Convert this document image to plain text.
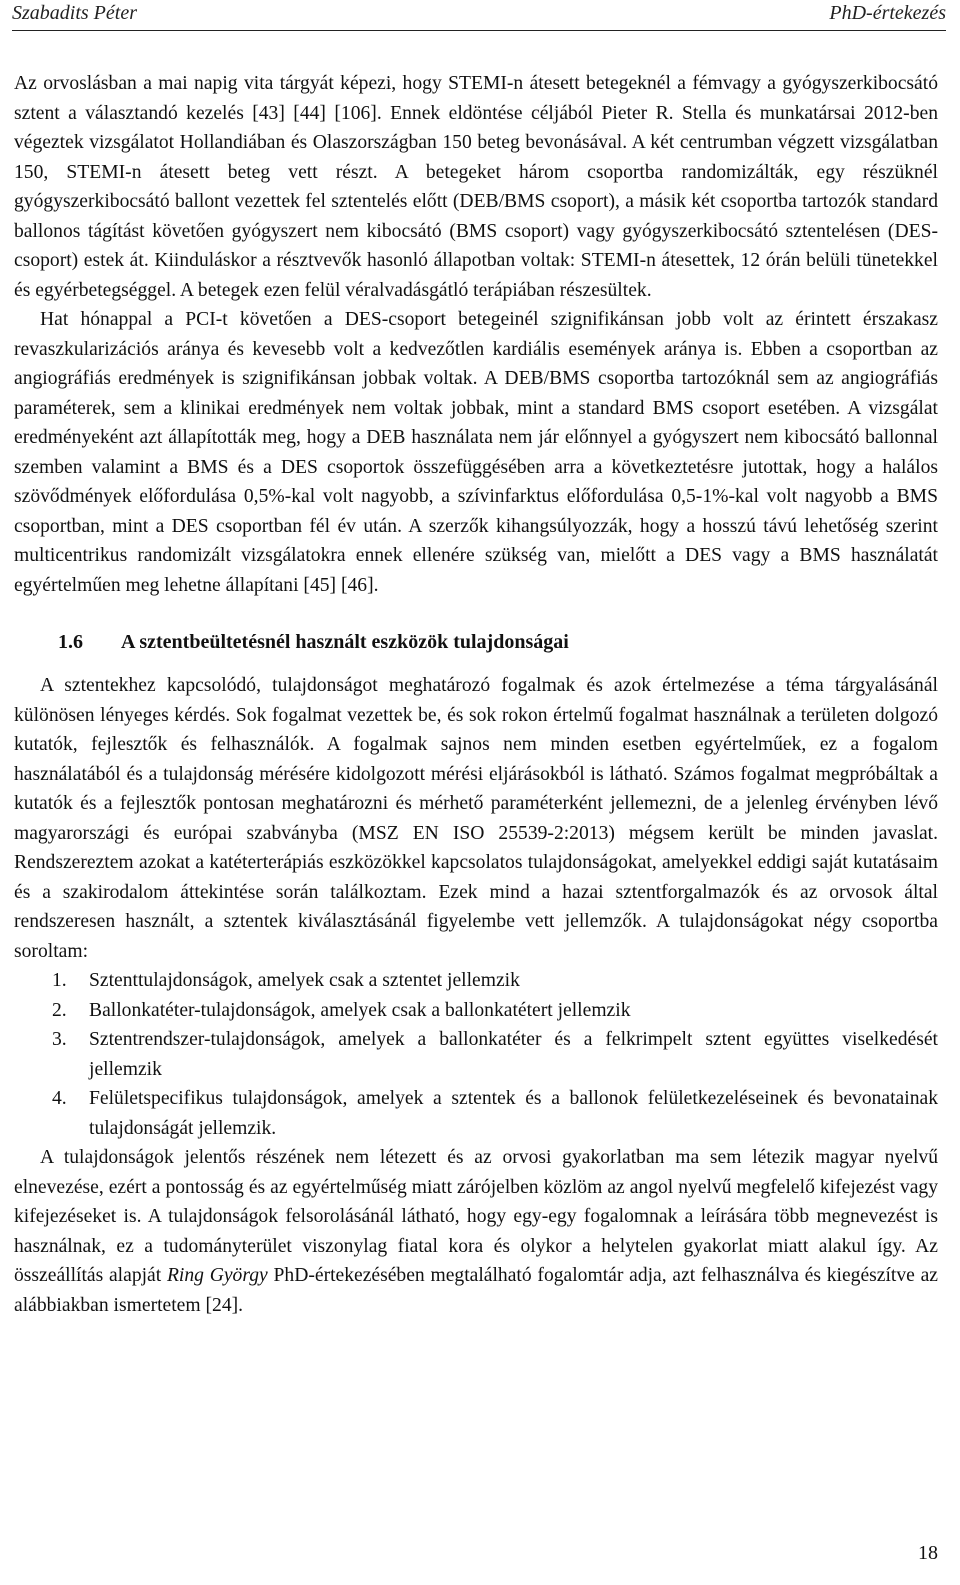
Szabadits Péter	PhD-értekezés

Az orvoslásban a mai napig vita tárgyát képezi, hogy STEMI-n átesett betegeknél a fémvagy a gyógyszerkibocsátó sztent a választandó kezelés [43] [44] [106]. Ennek eldöntése céljából Pieter R. Stella és munkatársai 2012-ben végeztek vizsgálatot Hollandiában és Olaszországban 150 beteg bevonásával. A két centrumban végzett vizsgálatban 150, STEMI-n átesett beteg vett részt. A betegeket három csoportba randomizálták, egy részüknél gyógyszerkibocsátó ballont vezettek fel sztentelés előtt (DEB/BMS csoport), a másik két csoportba tartozók standard ballonos tágítást követően gyógyszert nem kibocsátó (BMS csoport) vagy gyógyszerkibocsátó sztentelésen (DES-csoport) estek át. Kiinduláskor a résztvevők hasonló állapotban voltak: STEMI-n átesettek, 12 órán belüli tünetekkel és egyérbetegséggel. A betegek ezen felül véralvadásgátló terápiában részesültek.

Hat hónappal a PCI-t követően a DES-csoport betegeinél szignifikánsan jobb volt az érintett érszakasz revaszkularizációs aránya és kevesebb volt a kedvezőtlen kardiális események aránya is. Ebben a csoportban az angiográfiás eredmények is szignifikánsan jobbak voltak. A DEB/BMS csoportba tartozóknál sem az angiográfiás paraméterek, sem a klinikai eredmények nem voltak jobbak, mint a standard BMS csoport esetében. A vizsgálat eredményeként azt állapították meg, hogy a DEB használata nem jár előnnyel a gyógyszert nem kibocsátó ballonnal szemben valamint a BMS és a DES csoportok összefüggésében arra a következtetésre jutottak, hogy a halálos szövődmények előfordulása 0,5%-kal volt nagyobb, a szívinfarktus előfordulása 0,5-1%-kal volt nagyobb a BMS csoportban, mint a DES csoportban fél év után. A szerzők kihangsúlyozzák, hogy a hosszú távú lehetőség szerint multicentrikus randomizált vizsgálatokra ennek ellenére szükség van, mielőtt a DES vagy a BMS használatát egyértelműen meg lehetne állapítani [45] [46].

1.6 A sztentbeültetésnél használt eszközök tulajdonságai

A sztentekhez kapcsolódó, tulajdonságot meghatározó fogalmak és azok értelmezése a téma tárgyalásánál különösen lényeges kérdés. Sok fogalmat vezettek be, és sok rokon értelmű fogalmat használnak a területen dolgozó kutatók, fejlesztők és felhasználók. A fogalmak sajnos nem minden esetben egyértelműek, ez a fogalom használatából és a tulajdonság mérésére kidolgozott mérési eljárásokból is látható. Számos fogalmat megpróbáltak a kutatók és a fejlesztők pontosan meghatározni és mérhető paraméterként jellemezni, de a jelenleg érvényben lévő magyarországi és európai szabványba (MSZ EN ISO 25539-2:2013) mégsem került be minden javaslat. Rendszereztem azokat a katéterterápiás eszközökkel kapcsolatos tulajdonságokat, amelyekkel eddigi saját kutatásaim és a szakirodalom áttekintése során találkoztam. Ezek mind a hazai sztentforgalmazók és az orvosok által rendszeresen használt, a sztentek kiválasztásánál figyelembe vett jellemzők. A tulajdonságokat négy csoportba soroltam:

1. Sztenttulajdonságok, amelyek csak a sztentet jellemzik
2. Ballonkatéter-tulajdonságok, amelyek csak a ballonkatétert jellemzik
3. Sztentrendszer-tulajdonságok, amelyek a ballonkatéter és a felkrimpelt sztent együttes viselkedését jellemzik
4. Felületspecifikus tulajdonságok, amelyek a sztentek és a ballonok felületkezeléseinek és bevonatainak tulajdonságát jellemzik.

A tulajdonságok jelentős részének nem létezett és az orvosi gyakorlatban ma sem létezik magyar nyelvű elnevezése, ezért a pontosság és az egyértelműség miatt zárójelben közlöm az angol nyelvű megfelelő kifejezést vagy kifejezéseket is. A tulajdonságok felsorolásánál látható, hogy egy-egy fogalomnak a leírására több megnevezést is használnak, ez a tudományterület viszonylag fiatal kora és olykor a helytelen gyakorlat miatt alakul így. Az összeállítás alapját Ring György PhD-értekezésében megtalálható fogalomtár adja, azt felhasználva és kiegészítve az alábbiakban ismertetem [24].

18
